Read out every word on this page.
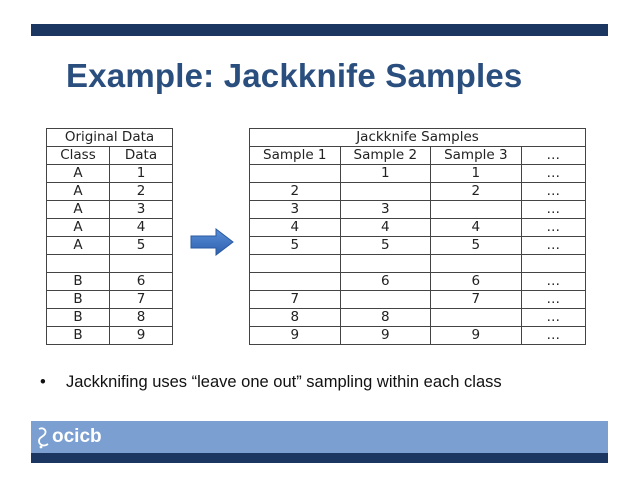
Example: Jackknife Samples
Original Data	
Class	Data
A	1
A	2
A	3
A	4
A	5

B	6
B	7
B	8
B	9
Jackknife Samples			
Sample 1	Sample 2	Sample 3	…
	1	1	…
2		2	…
3	3		…
4	4	4	…
5	5	5	…

	6	6	…
7		7	…
8	8		…
9	9	9	…
• Jackknifing uses “leave one out” sampling within each class
ocicb
